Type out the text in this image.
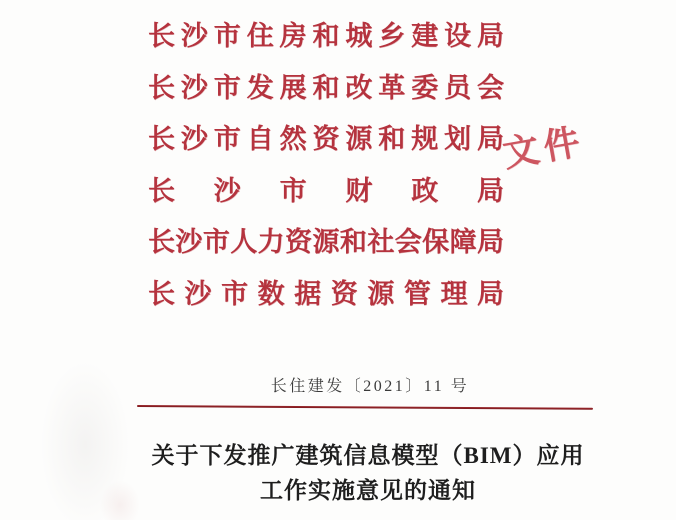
长沙市住房和城乡建设局
长沙市发展和改革委员会
长沙市自然资源和规划局
长沙市财政局
长沙市人力资源和社会保障局
长沙市数据资源管理局
文件
长住建发〔2021〕11 号
关于下发推广建筑信息模型（BIM）应用
工作实施意见的通知
